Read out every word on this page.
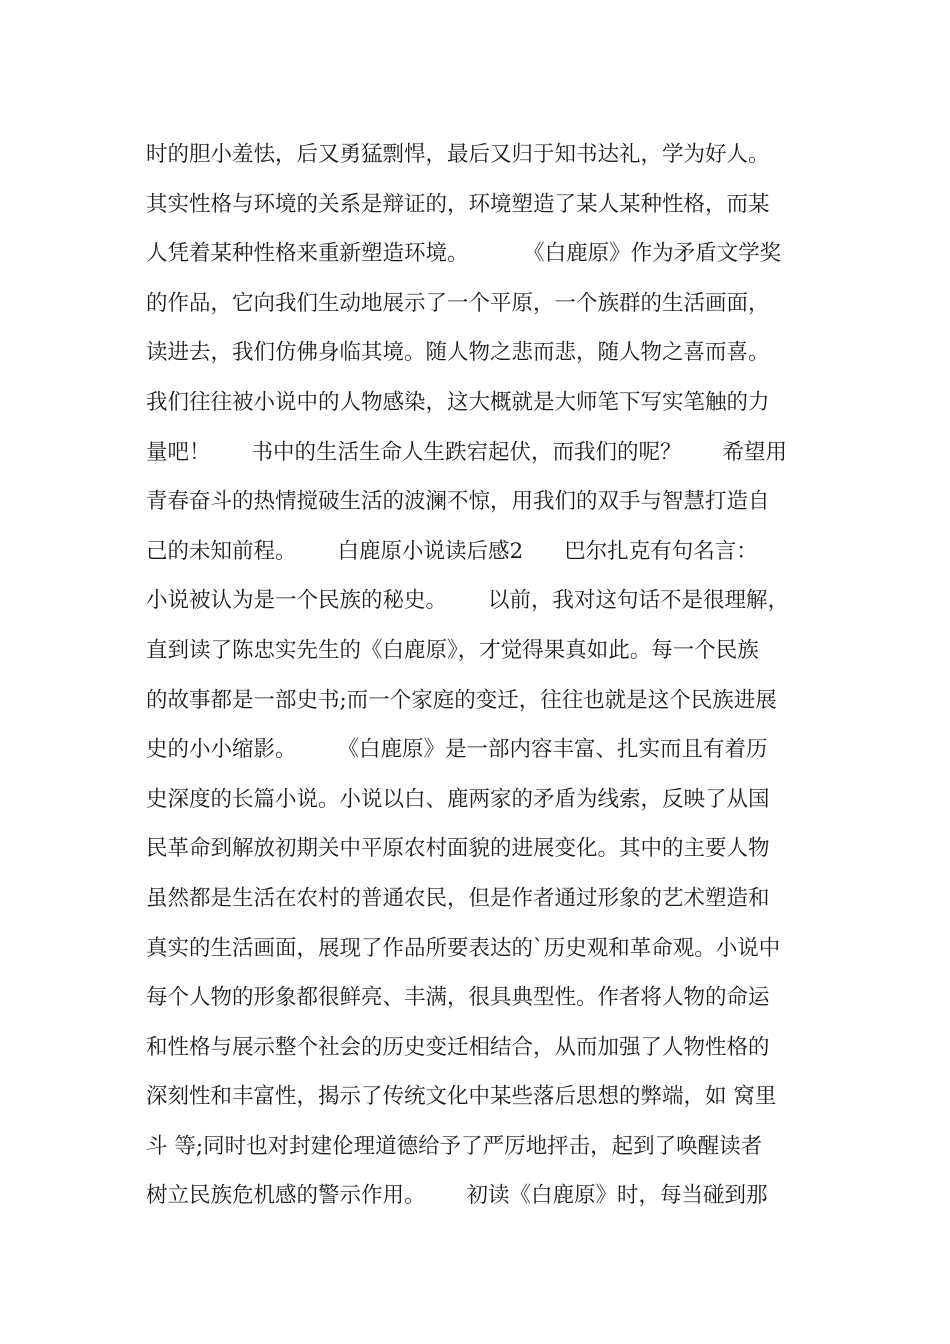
时的胆小羞怯，后又勇猛剽悍，最后又归于知书达礼，学为好人。
其实性格与环境的关系是辩证的，环境塑造了某人某种性格，而某
人凭着某种性格来重新塑造环境。        《白鹿原》作为矛盾文学奖
的作品，它向我们生动地展示了一个平原，一个族群的生活画面，
读进去，我们仿佛身临其境。随人物之悲而悲，随人物之喜而喜。
我们往往被小说中的人物感染，这大概就是大师笔下写实笔触的力
量吧！      书中的生活生命人生跌宕起伏，而我们的呢？      希望用
青春奋斗的热情搅破生活的波澜不惊，用我们的双手与智慧打造自
己的未知前程。      白鹿原小说读后感2      巴尔扎克有句名言：
小说被认为是一个民族的秘史。      以前，我对这句话不是很理解，
直到读了陈忠实先生的《白鹿原》，才觉得果真如此。每一个民族
的故事都是一部史书;而一个家庭的变迁，往往也就是这个民族进展
史的小小缩影。      《白鹿原》是一部内容丰富、扎实而且有着历
史深度的长篇小说。小说以白、鹿两家的矛盾为线索，反映了从国
民革命到解放初期关中平原农村面貌的进展变化。其中的主要人物
虽然都是生活在农村的普通农民，但是作者通过形象的艺术塑造和
真实的生活画面，展现了作品所要表达的`历史观和革命观。小说中
每个人物的形象都很鲜亮、丰满，很具典型性。作者将人物的命运
和性格与展示整个社会的历史变迁相结合，从而加强了人物性格的
深刻性和丰富性，揭示了传统文化中某些落后思想的弊端，如 窝里
斗 等;同时也对封建伦理道德给予了严厉地抨击，起到了唤醒读者
树立民族危机感的警示作用。      初读《白鹿原》时，每当碰到那
